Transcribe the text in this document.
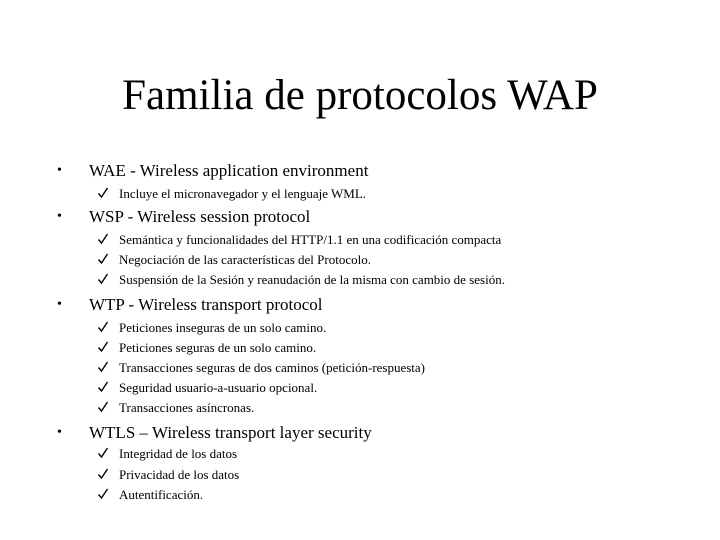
Familia de protocolos WAP
• WAE - Wireless application environment
Incluye el micronavegador y el lenguaje WML.
• WSP - Wireless session protocol
Semántica y funcionalidades del HTTP/1.1 en una codificación compacta
Negociación de las características del Protocolo.
Suspensión de la Sesión y reanudación de la misma con cambio de sesión.
• WTP - Wireless transport protocol
Peticiones inseguras de un solo camino.
Peticiones seguras de un solo camino.
Transacciones seguras de dos caminos (petición-respuesta)
Seguridad usuario-a-usuario opcional.
Transacciones asíncronas.
• WTLS – Wireless transport layer security
Integridad de los datos
Privacidad de los datos
Autentificación.
